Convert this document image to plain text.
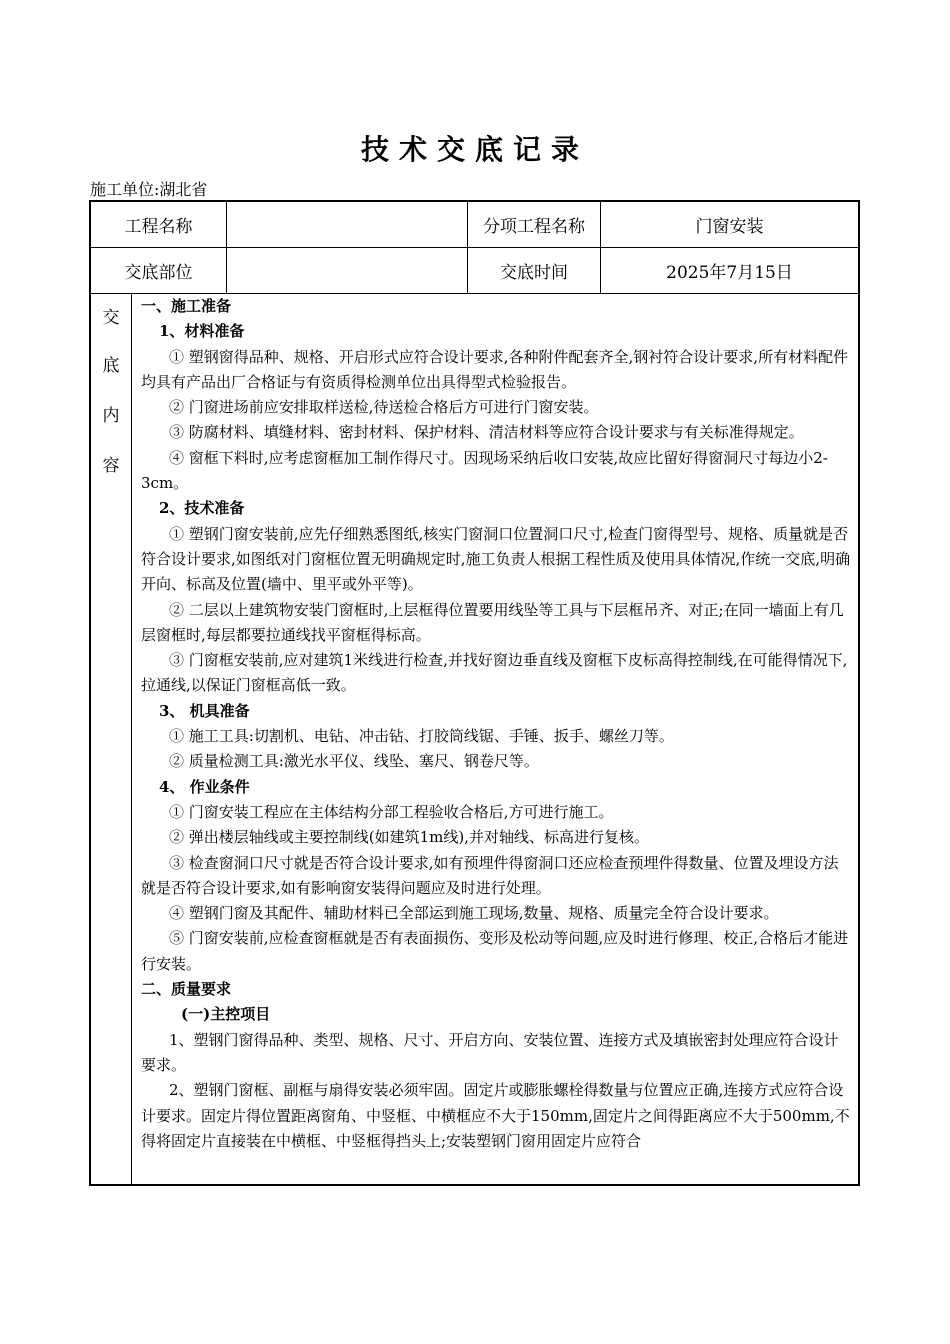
技术交底记录
施工单位:湖北省
工程名称	分项工程名称	门窗安装
交底部位	交底时间	2025年7月15日
交
底
内
容

一、施工准备

1、材料准备

① 塑钢窗得品种、规格、开启形式应符合设计要求,各种附件配套齐全,钢衬符合设计要求,所有材料配件均具有产品出厂合格证与有资质得检测单位出具得型式检验报告。

② 门窗进场前应安排取样送检,待送检合格后方可进行门窗安装。

③ 防腐材料、填缝材料、密封材料、保护材料、清洁材料等应符合设计要求与有关标准得规定。

④ 窗框下料时,应考虑窗框加工制作得尺寸。因现场采纳后收口安装,故应比留好得窗洞尺寸每边小2-3cm。

2、技术准备

① 塑钢门窗安装前,应先仔细熟悉图纸,核实门窗洞口位置洞口尺寸,检查门窗得型号、规格、质量就是否符合设计要求,如图纸对门窗框位置无明确规定时,施工负责人根据工程性质及使用具体情况,作统一交底,明确开向、标高及位置(墙中、里平或外平等)。

② 二层以上建筑物安装门窗框时,上层框得位置要用线坠等工具与下层框吊齐、对正;在同一墙面上有几层窗框时,每层都要拉通线找平窗框得标高。

③ 门窗框安装前,应对建筑1米线进行检查,并找好窗边垂直线及窗框下皮标高得控制线,在可能得情况下,拉通线,以保证门窗框高低一致。

3、 机具准备

① 施工工具:切割机、电钻、冲击钻、打胶筒线锯、手锤、扳手、螺丝刀等。

② 质量检测工具:激光水平仪、线坠、塞尺、钢卷尺等。

4、 作业条件

① 门窗安装工程应在主体结构分部工程验收合格后,方可进行施工。

② 弹出楼层轴线或主要控制线(如建筑1m线),并对轴线、标高进行复核。

③ 检查窗洞口尺寸就是否符合设计要求,如有预埋件得窗洞口还应检查预埋件得数量、位置及埋设方法就是否符合设计要求,如有影响窗安装得问题应及时进行处理。

④ 塑钢门窗及其配件、辅助材料已全部运到施工现场,数量、规格、质量完全符合设计要求。

⑤ 门窗安装前,应检查窗框就是否有表面损伤、变形及松动等问题,应及时进行修理、校正,合格后才能进行安装。

二、质量要求

(一)主控项目

1、塑钢门窗得品种、类型、规格、尺寸、开启方向、安装位置、连接方式及填嵌密封处理应符合设计要求。

2、塑钢门窗框、副框与扇得安装必须牢固。固定片或膨胀螺栓得数量与位置应正确,连接方式应符合设计要求。固定片得位置距离窗角、中竖框、中横框应不大于150mm,固定片之间得距离应不大于500mm,不得将固定片直接装在中横框、中竖框得挡头上;安装塑钢门窗用固定片应符合
